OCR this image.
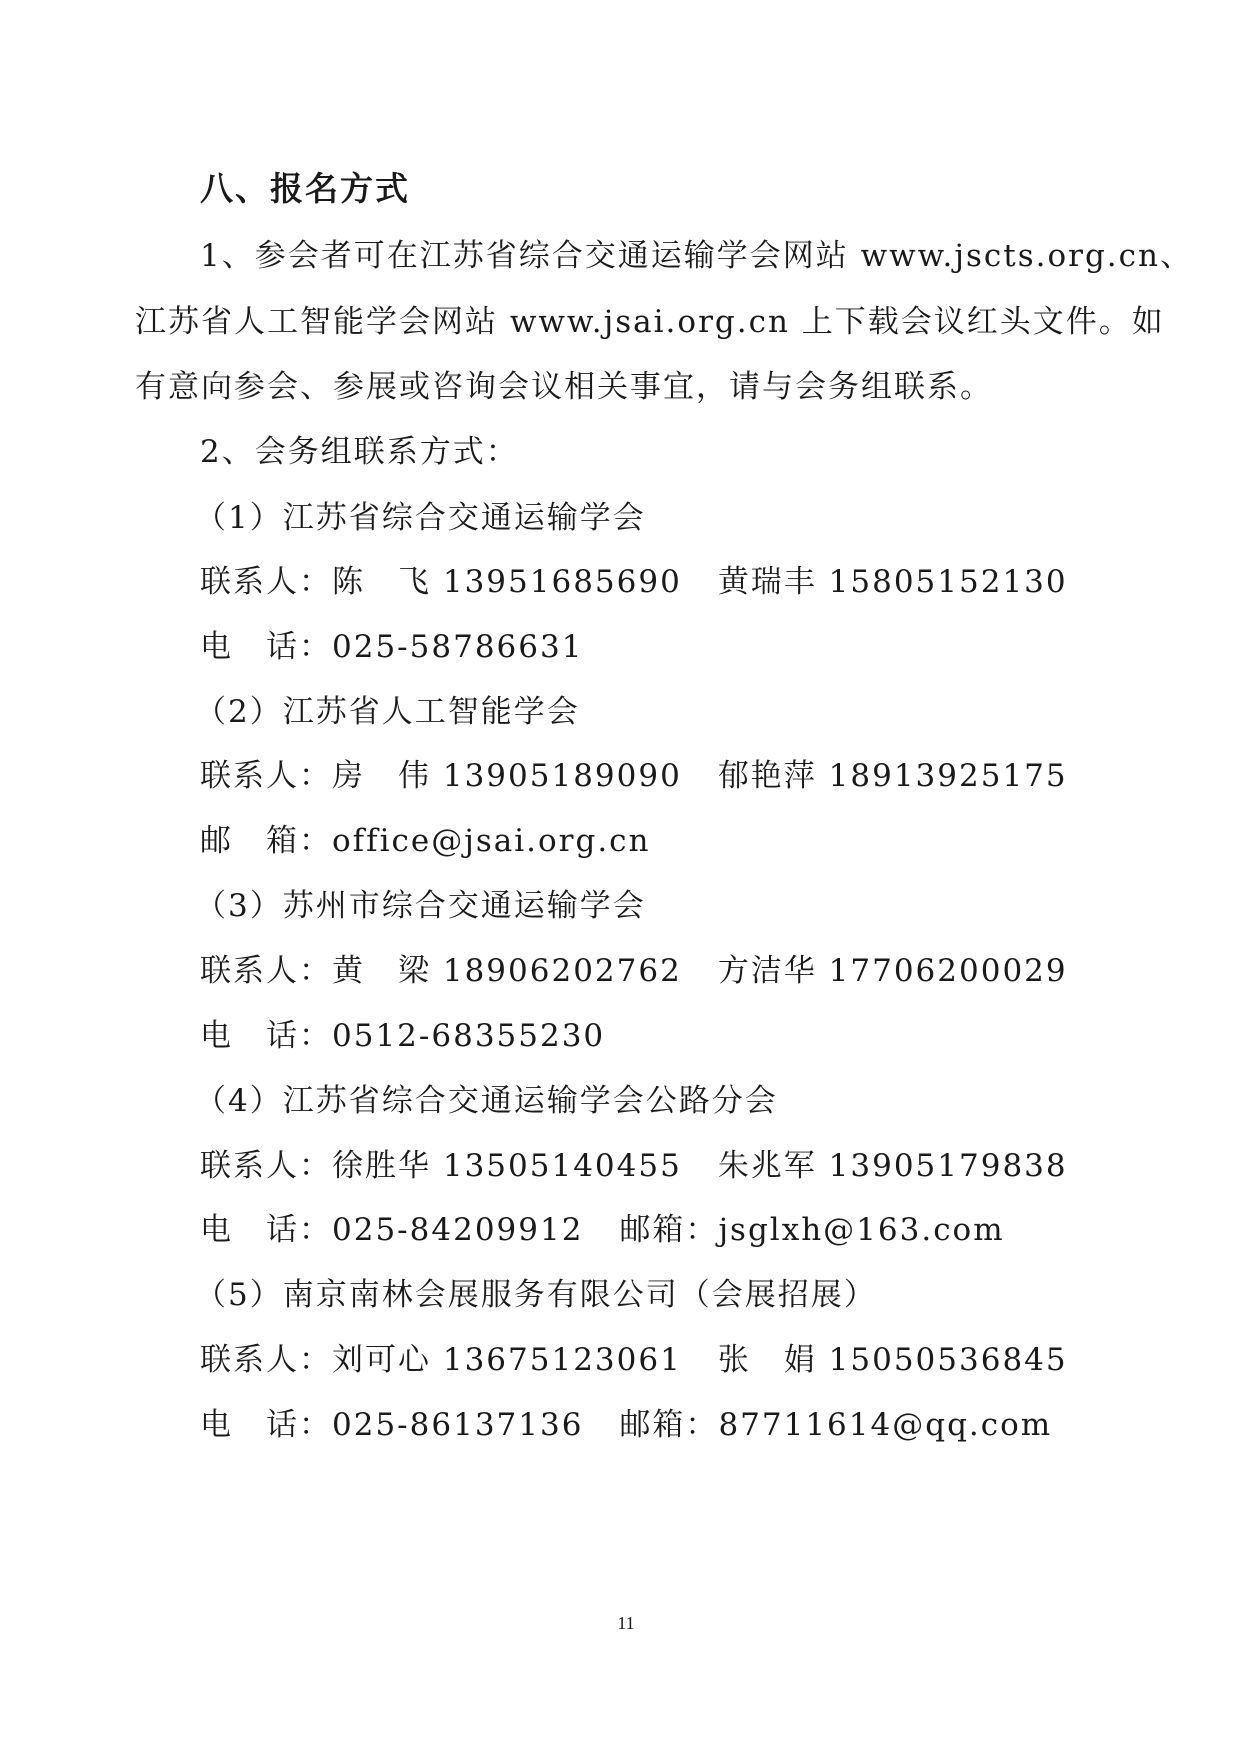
八、报名方式
1、参会者可在江苏省综合交通运输学会网站 www.jscts.org.cn、
江苏省人工智能学会网站 www.jsai.org.cn 上下载会议红头文件。如
有意向参会、参展或咨询会议相关事宜，请与会务组联系。
2、会务组联系方式：
（1）江苏省综合交通运输学会
联系人：陈　飞 13951685690 黄瑞丰 15805152130
电　话：025-58786631
（2）江苏省人工智能学会
联系人：房　伟 13905189090 郁艳萍 18913925175
邮　箱：office@jsai.org.cn
（3）苏州市综合交通运输学会
联系人：黄　梁 18906202762 方洁华 17706200029
电　话：0512-68355230
（4）江苏省综合交通运输学会公路分会
联系人：徐胜华 13505140455 朱兆军 13905179838
电　话：025-84209912 邮箱：jsglxh@163.com
（5）南京南林会展服务有限公司（会展招展）
联系人：刘可心 13675123061 张　娟 15050536845
电　话：025-86137136 邮箱：87711614@qq.com
11
